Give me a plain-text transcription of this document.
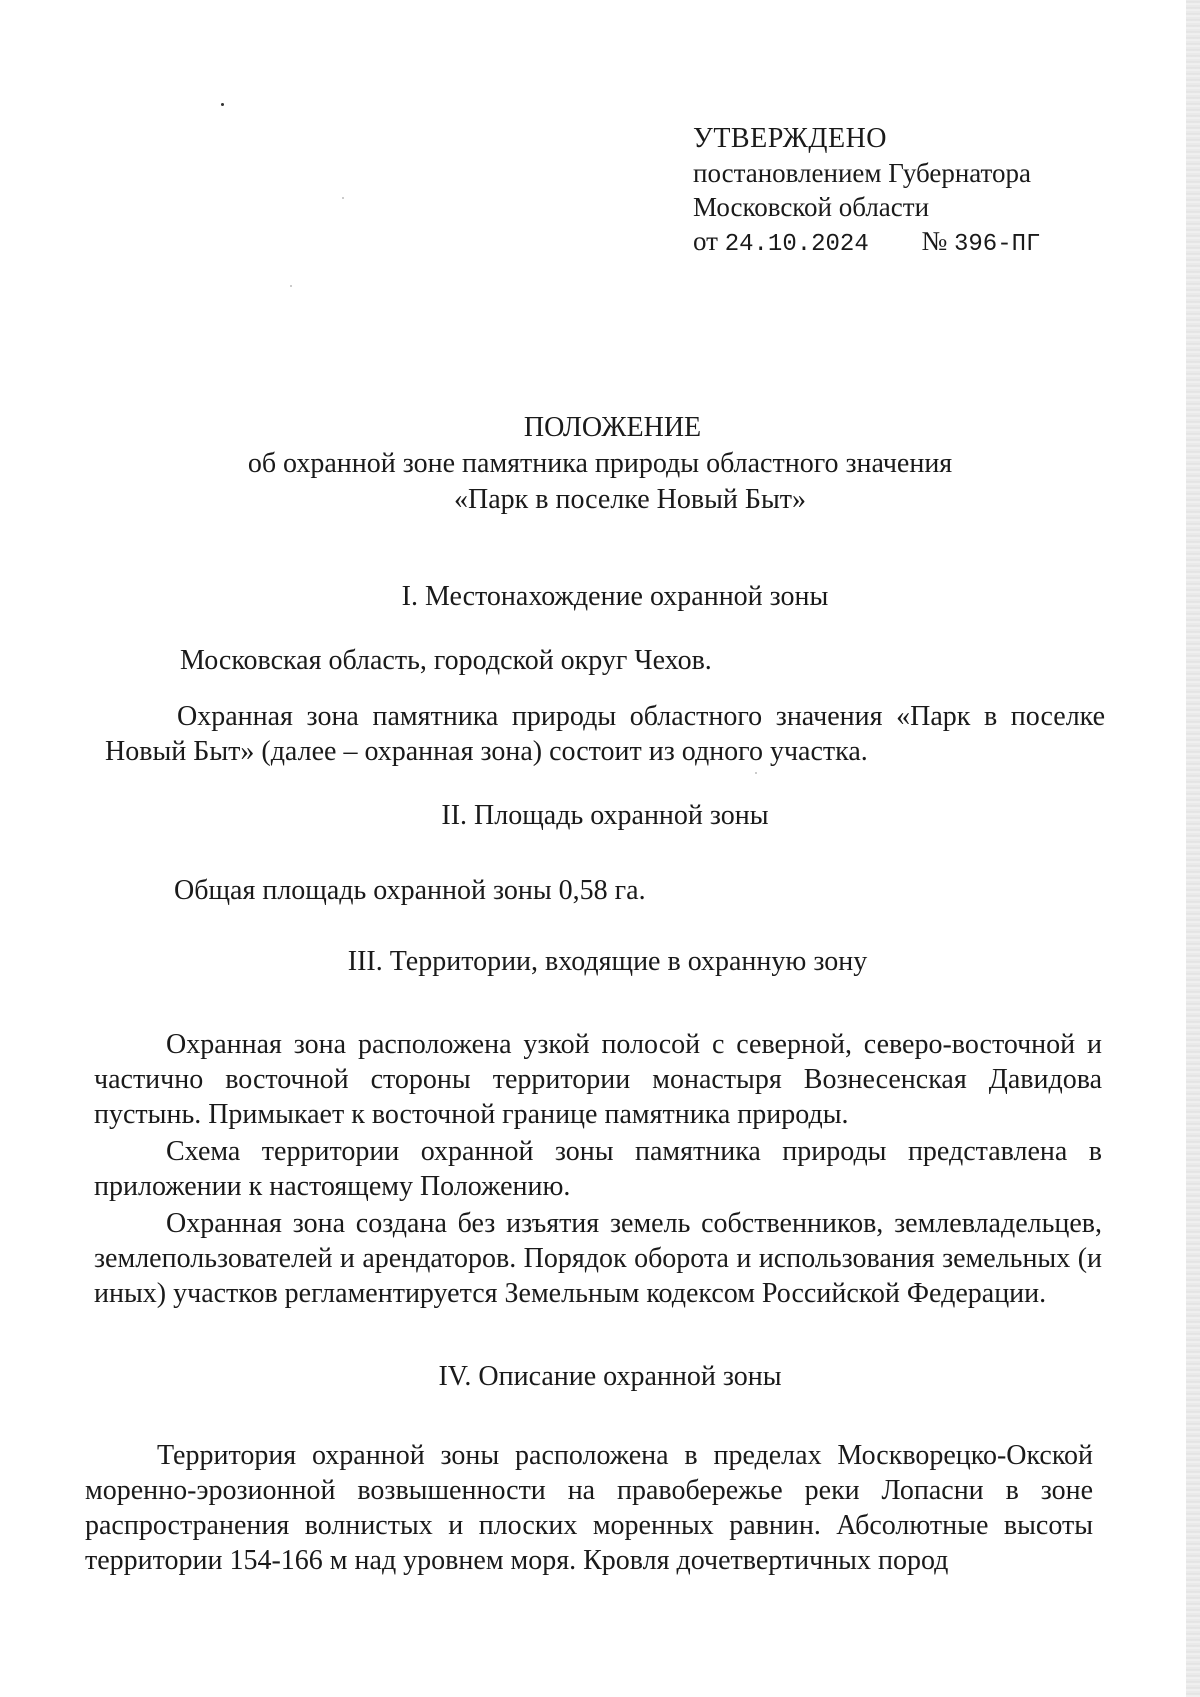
УТВЕРЖДЕНО
постановлением Губернатора
Московской области
от 24.10.2024 № 396-ПГ
ПОЛОЖЕНИЕ
об охранной зоне памятника природы областного значения
«Парк в поселке Новый Быт»
I. Местонахождение охранной зоны
Московская область, городской округ Чехов.
Охранная зона памятника природы областного значения «Парк в поселке Новый Быт» (далее – охранная зона) состоит из одного участка.
II. Площадь охранной зоны
Общая площадь охранной зоны 0,58 га.
III. Территории, входящие в охранную зону
Охранная зона расположена узкой полосой с северной, северо-восточной и частично восточной стороны территории монастыря Вознесенская Давидова пустынь. Примыкает к восточной границе памятника природы.
Схема территории охранной зоны памятника природы представлена в приложении к настоящему Положению.
Охранная зона создана без изъятия земель собственников, землевладельцев, землепользователей и арендаторов. Порядок оборота и использования земельных (и иных) участков регламентируется Земельным кодексом Российской Федерации.
IV. Описание охранной зоны
Территория охранной зоны расположена в пределах Москворецко-Окской моренно-эрозионной возвышенности на правобережье реки Лопасни в зоне распространения волнистых и плоских моренных равнин. Абсолютные высоты территории 154-166 м над уровнем моря. Кровля дочетвертичных пород
